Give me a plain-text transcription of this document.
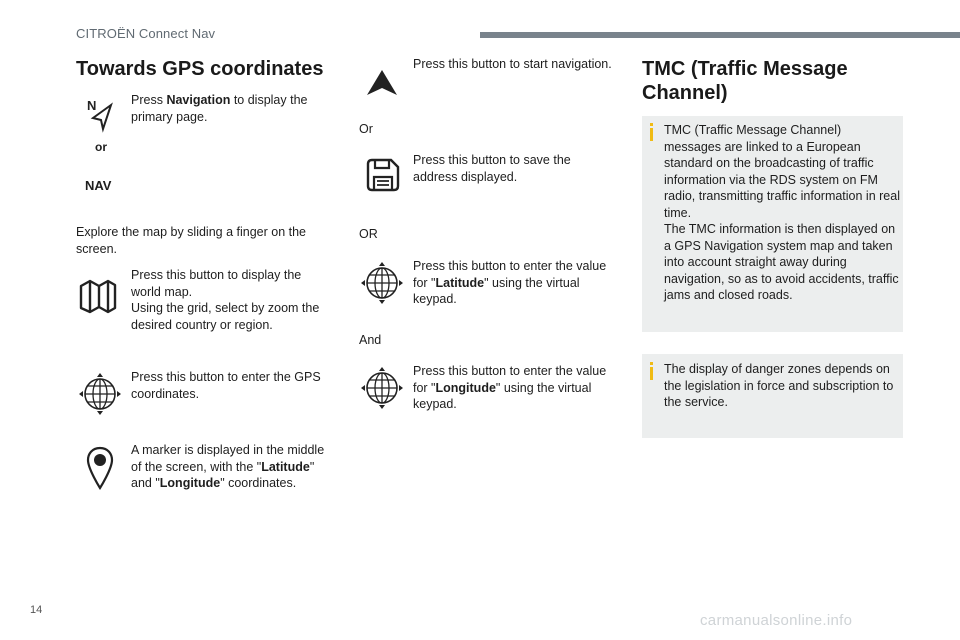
CITROËN Connect Nav
Towards GPS coordinates
N
or
NAV
Press Navigation to display the primary page.
Explore the map by sliding a finger on the screen.
Press this button to display the world map.
Using the grid, select by zoom the desired country or region.
Press this button to enter the GPS coordinates.
A marker is displayed in the middle of the screen, with the "Latitude" and "Longitude" coordinates.
Press this button to start navigation.
Or
Press this button to save the address displayed.
OR
Press this button to enter the value for "Latitude" using the virtual keypad.
And
Press this button to enter the value for "Longitude" using the virtual keypad.
TMC (Traffic Message Channel)
TMC (Traffic Message Channel) messages are linked to a European standard on the broadcasting of traffic information via the RDS system on FM radio, transmitting traffic information in real time.
The TMC information is then displayed on a GPS Navigation system map and taken into account straight away during navigation, so as to avoid accidents, traffic jams and closed roads.
The display of danger zones depends on the legislation in force and subscription to the service.
14
carmanualsonline.info
